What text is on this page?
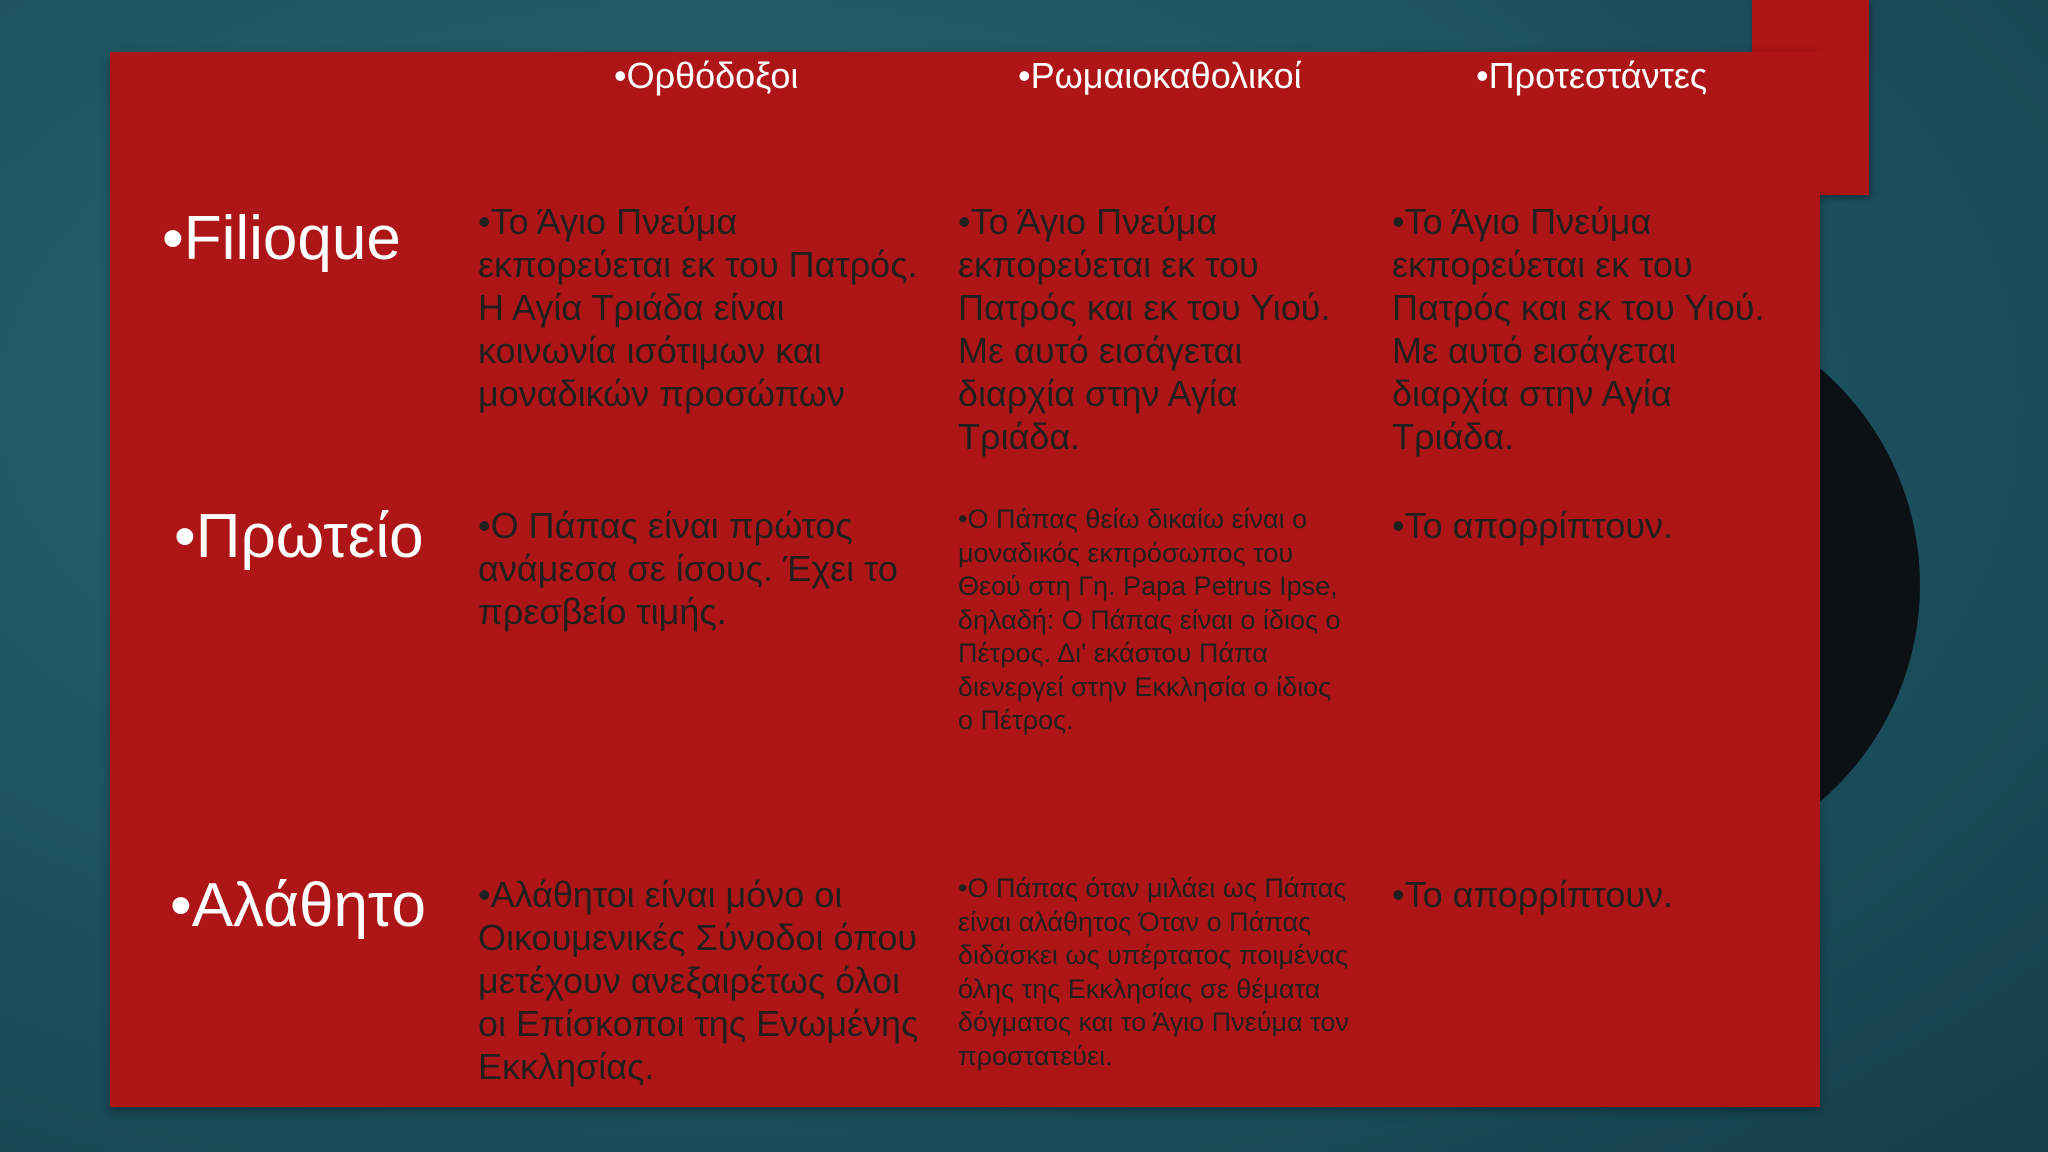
•Ορθόδοξοι	•Ρωμαιοκαθολικοί	•Προτεστάντες

•Filioque

•Πρωτείο

•Αλάθητο

•Το Άγιο Πνεύμα
εκπορεύεται εκ του Πατρός.
Η Αγία Τριάδα είναι
κοινωνία ισότιμων και
μοναδικών προσώπων

•Το Άγιο Πνεύμα
εκπορεύεται εκ του
Πατρός και εκ του Υιού.
Με αυτό εισάγεται
διαρχία στην Αγία
Τριάδα.

•Το Άγιο Πνεύμα
εκπορεύεται εκ του
Πατρός και εκ του Υιού.
Με αυτό εισάγεται
διαρχία στην Αγία
Τριάδα.

•Ο Πάπας είναι πρώτος
ανάμεσα σε ίσους. Έχει το
πρεσβείο τιμής.

•Ο Πάπας θείω δικαίω είναι ο
μοναδικός εκπρόσωπος του
Θεού στη Γη. Papa Petrus Ipse,
δηλαδή: Ο Πάπας είναι ο ίδιος ο
Πέτρος. Δι' εκάστου Πάπα
διενεργεί στην Εκκλησία ο ίδιος
ο Πέτρος.

•Το απορρίπτουν.

•Αλάθητοι είναι μόνο οι
Οικουμενικές Σύνοδοι όπου
μετέχουν ανεξαιρέτως όλοι
οι Επίσκοποι της Ενωμένης
Εκκλησίας.

•Ο Πάπας όταν μιλάει ως Πάπας
είναι αλάθητος Όταν ο Πάπας
διδάσκει ως υπέρτατος ποιμένας
όλης της Εκκλησίας σε θέματα
δόγματος και το Άγιο Πνεύμα τον
προστατεύει.

•Το απορρίπτουν.
